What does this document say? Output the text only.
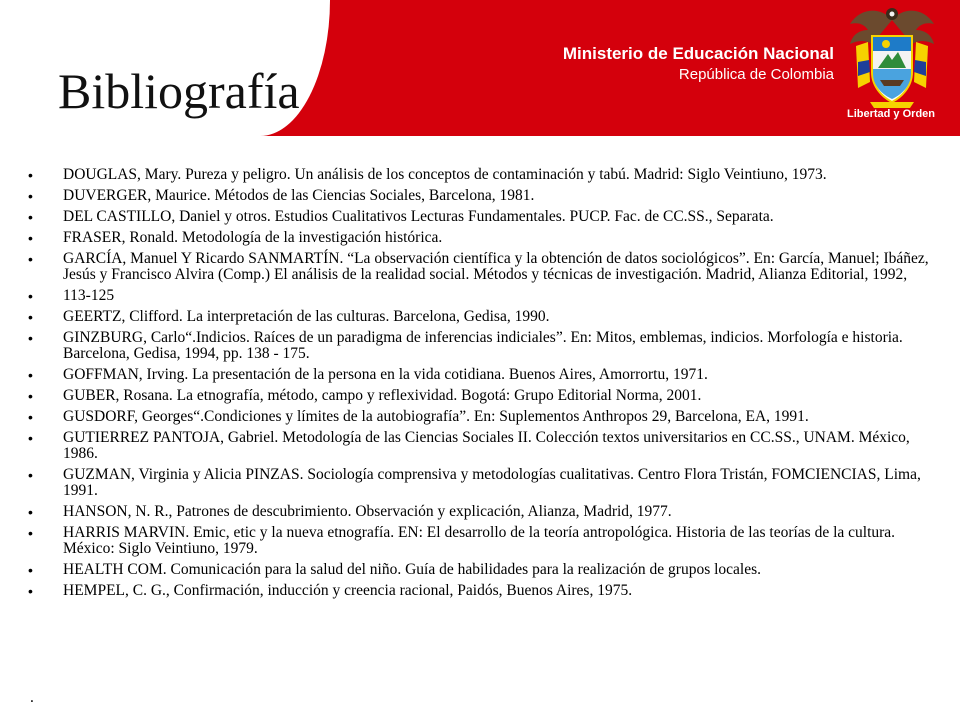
Bibliografía
Ministerio de Educación Nacional
República de Colombia
Libertad y Orden
• DOUGLAS, Mary. Pureza y peligro. Un análisis de los conceptos de contaminación y tabú. Madrid: Siglo Veintiuno, 1973.
• DUVERGER, Maurice. Métodos de las Ciencias Sociales, Barcelona, 1981.
• DEL CASTILLO, Daniel y otros. Estudios Cualitativos Lecturas Fundamentales. PUCP. Fac. de CC.SS., Separata.
• FRASER, Ronald. Metodología de la investigación histórica.
• GARCÍA, Manuel Y Ricardo SANMARTÍN. “La observación científica y la obtención de datos sociológicos”. En: García, Manuel; Ibáñez, Jesús y Francisco Alvira (Comp.) El análisis de la realidad social. Métodos y técnicas de investigación. Madrid, Alianza Editorial, 1992,
• 113-125
• GEERTZ, Clifford. La interpretación de las culturas. Barcelona, Gedisa, 1990.
• GINZBURG, Carlo“.Indicios. Raíces de un paradigma de inferencias indiciales”. En: Mitos, emblemas, indicios. Morfología e historia. Barcelona, Gedisa, 1994, pp. 138 - 175.
• GOFFMAN, Irving. La presentación de la persona en la vida cotidiana. Buenos Aires, Amorrortu, 1971.
• GUBER, Rosana. La etnografía, método, campo y reflexividad. Bogotá: Grupo Editorial Norma, 2001.
• GUSDORF, Georges“.Condiciones y límites de la autobiografía”. En: Suplementos Anthropos 29, Barcelona, EA, 1991.
• GUTIERREZ PANTOJA, Gabriel. Metodología de las Ciencias Sociales II. Colección textos universitarios en CC.SS., UNAM. México, 1986.
• GUZMAN, Virginia y Alicia PINZAS. Sociología comprensiva y metodologías cualitativas. Centro Flora Tristán, FOMCIENCIAS, Lima, 1991.
• HANSON, N. R., Patrones de descubrimiento. Observación y explicación, Alianza, Madrid, 1977.
• HARRIS MARVIN. Emic, etic y la nueva etnografía. EN: El desarrollo de la teoría antropológica. Historia de las teorías de la cultura. México: Siglo Veintiuno, 1979.
• HEALTH COM. Comunicación para la salud del niño. Guía de habilidades para la realización de grupos locales.
• HEMPEL, C. G., Confirmación, inducción y creencia racional, Paidós, Buenos Aires, 1975.
.
